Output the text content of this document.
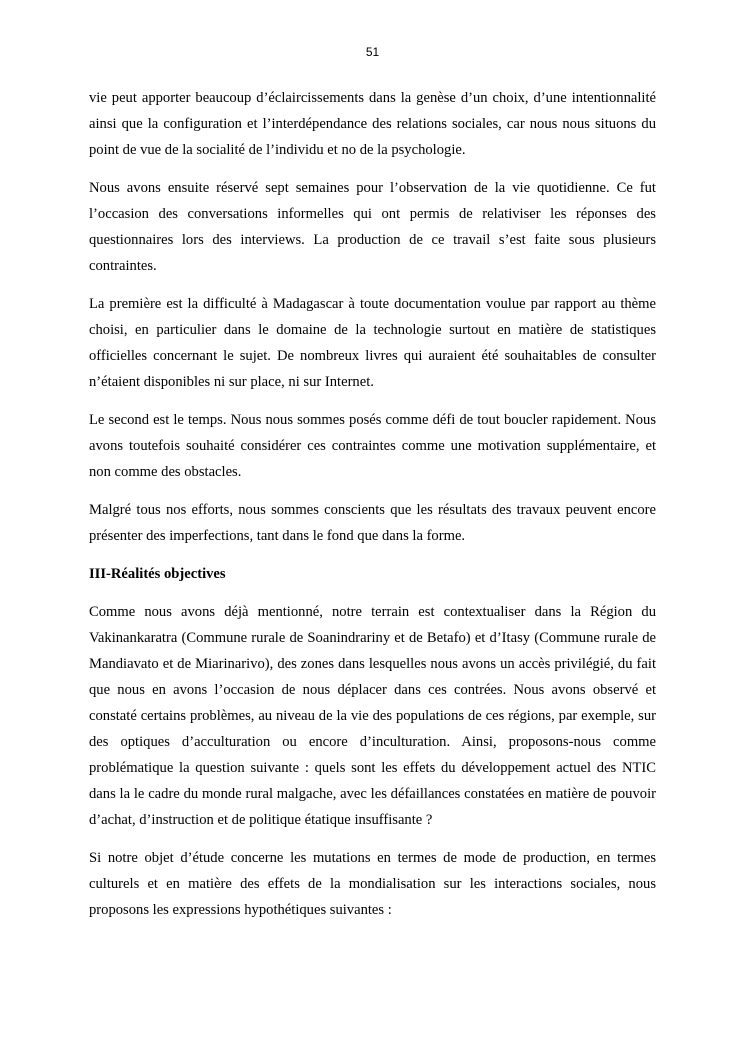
51

vie peut apporter beaucoup d’éclaircissements dans la genèse d’un choix, d’une intentionnalité ainsi que la configuration et l’interdépendance des relations sociales, car nous nous situons du point de vue de la socialité de l’individu et no de la psychologie.

Nous avons ensuite réservé sept semaines pour l’observation de la vie quotidienne. Ce fut l’occasion des conversations informelles qui ont permis de relativiser les réponses des questionnaires lors des interviews. La production de ce travail s’est faite sous plusieurs contraintes.

La première est la difficulté à Madagascar à toute documentation voulue par rapport au thème choisi, en particulier dans le domaine de la technologie surtout en matière de statistiques officielles concernant le sujet. De nombreux livres qui auraient été souhaitables de consulter n’étaient disponibles ni sur place, ni sur Internet.

Le second est le temps. Nous nous sommes posés comme défi de tout boucler rapidement. Nous avons toutefois souhaité considérer ces contraintes comme une motivation supplémentaire, et non comme des obstacles.

Malgré tous nos efforts, nous sommes conscients que les résultats des travaux peuvent encore présenter des imperfections, tant dans le fond que dans la forme.

III-Réalités objectives

Comme nous avons déjà mentionné, notre terrain est contextualiser dans la Région du Vakinankaratra (Commune rurale de Soanindrariny et de Betafo) et d’Itasy (Commune rurale de Mandiavato et de Miarinarivo), des zones dans lesquelles nous avons un accès privilégié, du fait que nous en avons l’occasion de nous déplacer dans ces contrées. Nous avons observé et constaté certains problèmes, au niveau de la vie des populations de ces régions, par exemple, sur des optiques d’acculturation ou encore d’inculturation. Ainsi, proposons-nous comme problématique la question suivante : quels sont les effets du développement actuel des NTIC dans la le cadre du monde rural malgache, avec les défaillances constatées en matière de pouvoir d’achat, d’instruction et de politique étatique insuffisante ?

Si notre objet d’étude concerne les mutations en termes de mode de production, en termes culturels et en matière des effets de la mondialisation sur les interactions sociales, nous proposons les expressions hypothétiques suivantes :
